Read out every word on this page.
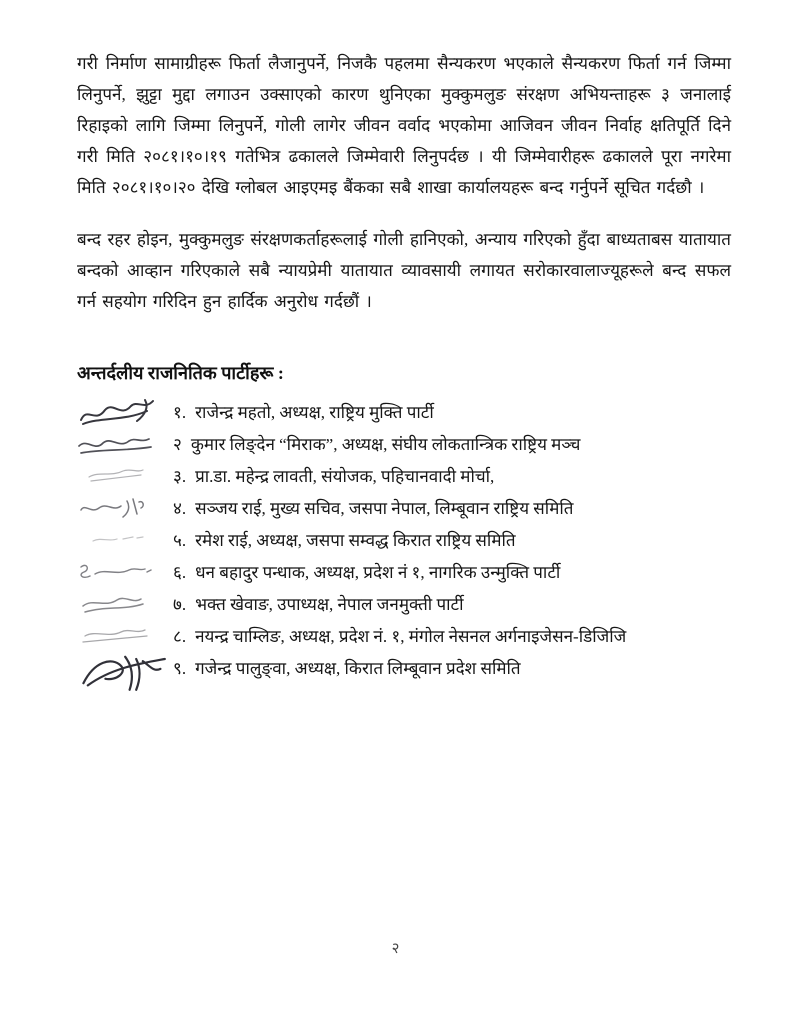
गरी निर्माण सामाग्रीहरू फिर्ता लैजानुपर्ने, निजकै पहलमा सैन्यकरण भएकाले सैन्यकरण फिर्ता गर्न जिम्मा लिनुपर्ने, झुट्टा मुद्दा लगाउन उक्साएको कारण थुनिएका मुक्कुमलुङ संरक्षण अभियन्ताहरू ३ जनालाई रिहाइको लागि जिम्मा लिनुपर्ने, गोली लागेर जीवन वर्वाद भएकोमा आजिवन जीवन निर्वाह क्षतिपूर्ति दिने गरी मिति २०८१।१०।१९ गतेभित्र ढकालले जिम्मेवारी लिनुपर्दछ । यी जिम्मेवारीहरू ढकालले पूरा नगरेमा मिति २०८१।१०।२० देखि ग्लोबल आइएमइ बैंकका सबै शाखा कार्यालयहरू बन्द गर्नुपर्ने सूचित गर्दछौ ।

बन्द रहर होइन, मुक्कुमलुङ संरक्षणकर्ताहरूलाई गोली हानिएको, अन्याय गरिएको हुँदा बाध्यताबस यातायात बन्दको आव्हान गरिएकाले सबै न्यायप्रेमी यातायात व्यावसायी लगायत सरोकारवालाज्यूहरूले बन्द सफल गर्न सहयोग गरिदिन हुन हार्दिक अनुरोध गर्दछौं ।

अन्तर्दलीय राजनितिक पार्टीहरू :
१. राजेन्द्र महतो, अध्यक्ष, राष्ट्रिय मुक्ति पार्टी
२ कुमार लिङ्देन “मिराक”, अध्यक्ष, संघीय लोकतान्त्रिक राष्ट्रिय मञ्च
३. प्रा.डा. महेन्द्र लावती, संयोजक, पहिचानवादी मोर्चा,
४. सञ्जय राई, मुख्य सचिव, जसपा नेपाल, लिम्बूवान राष्ट्रिय समिति
५. रमेश राई, अध्यक्ष, जसपा सम्वद्ध किरात राष्ट्रिय समिति
६. धन बहादुर पन्धाक, अध्यक्ष, प्रदेश नं १, नागरिक उन्मुक्ति पार्टी
७. भक्त खेवाङ, उपाध्यक्ष, नेपाल जनमुक्ती पार्टी
८. नयन्द्र चाम्लिङ, अध्यक्ष, प्रदेश नं. १, मंगोल नेसनल अर्गनाइजेसन-डिजिजि
९. गजेन्द्र पालुङ्वा, अध्यक्ष, किरात लिम्बूवान प्रदेश समिति
२
